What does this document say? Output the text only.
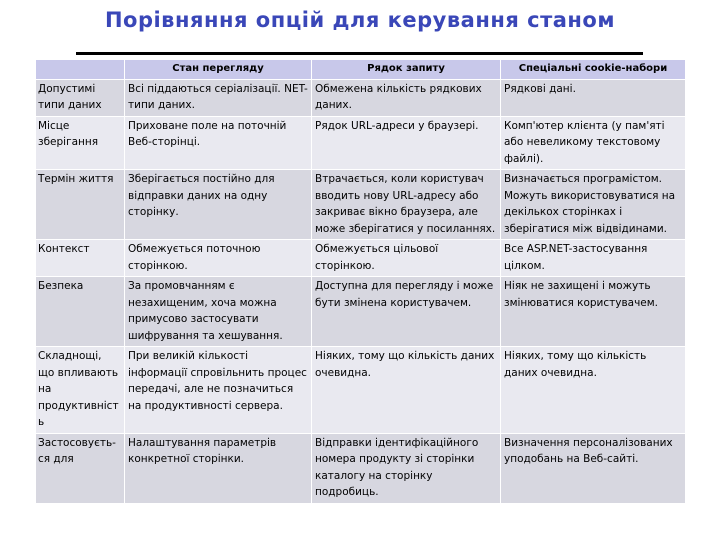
Порівняння опцій для керування станом
	Стан перегляду	Рядок запиту	Спеціальні cookie-набори
Допустимі типи даних	Всі піддаються серіалізації. NET-типи даних.	Обмежена кількість рядкових даних.	Рядкові дані.
Місце зберігання	Приховане поле на поточній Веб-сторінці.	Рядок URL-адреси у браузері.	Комп'ютер клієнта (у пам'яті або невеликому текстовому файлі).
Термін життя	Зберігається постійно для відправки даних на одну сторінку.	Втрачається, коли користувач вводить нову URL-адресу або закриває вікно браузера, але може зберігатися у посиланнях.	Визначається програмістом. Можуть використовуватися на декількох сторінках і зберігатися між відвідинами.
Контекст	Обмежується поточною сторінкою.	Обмежується цільової сторінкою.	Все ASP.NET-застосування цілком.
Безпека	За промовчанням є незахищеним, хоча можна примусово застосувати шифрування та хешування.	Доступна для перегляду і може бути змінена користувачем.	Ніяк не захищені і можуть змінюватися користувачем.
Складнощі, що впливають на продуктивність	При великій кількості інформації спровільнить процес передачі, але не позначиться на продуктивності сервера.	Ніяких, тому що кількість даних очевидна.	Ніяких, тому що кількість даних очевидна.
Застосовуєть-ся для	Налаштування параметрів конкретної сторінки.	Відправки ідентифікаційного номера продукту зі сторінки каталогу на сторінку подробиць.	Визначення персоналізованих уподобань на Веб-сайті.
